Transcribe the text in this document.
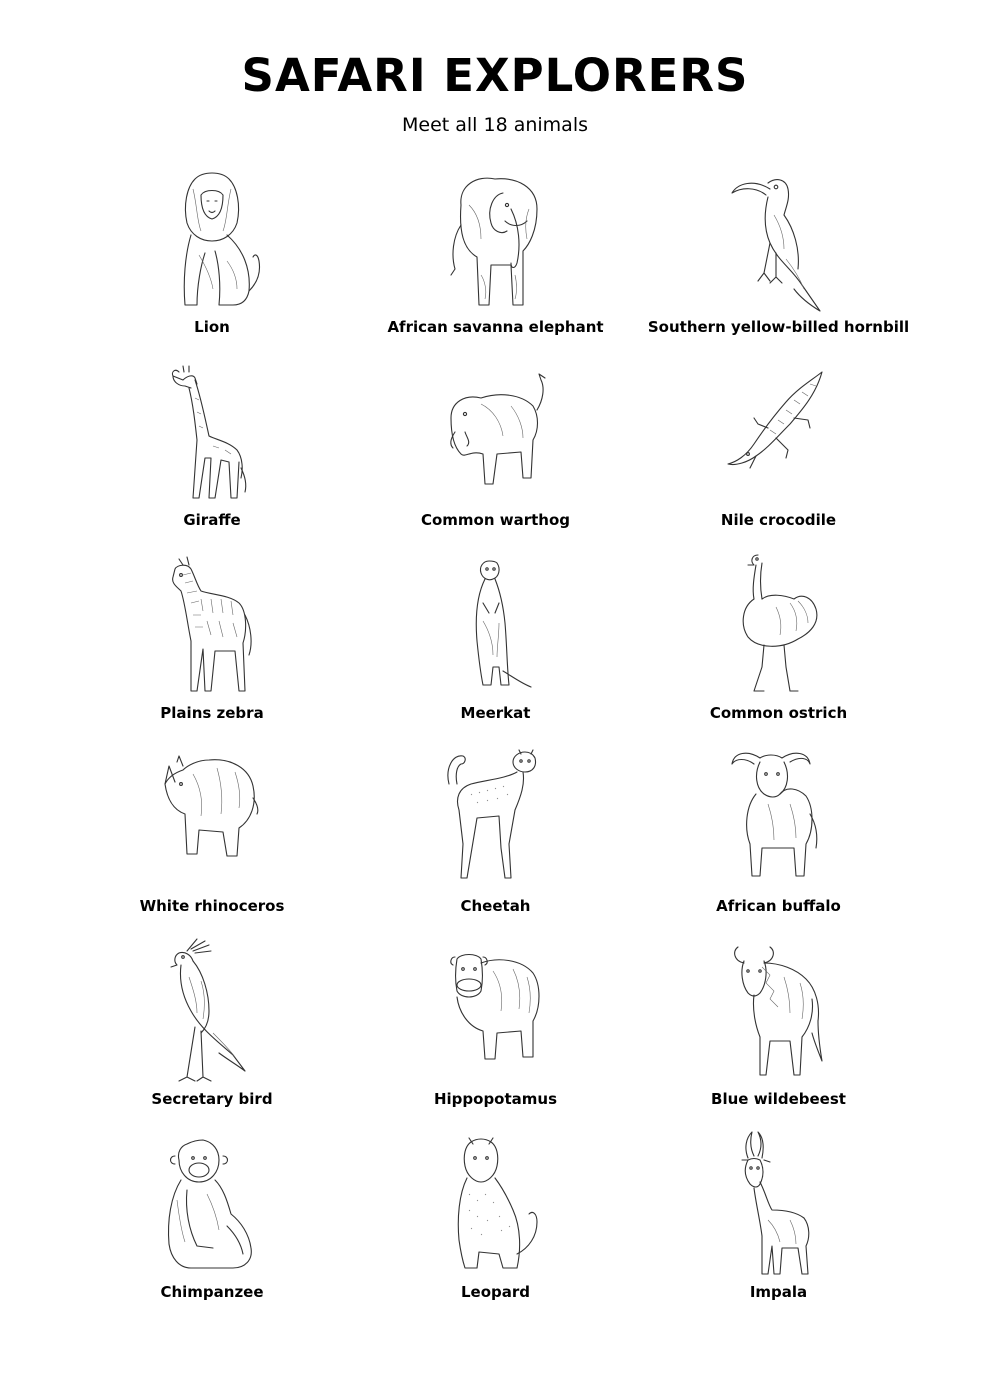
SAFARI EXPLORERS

Meet all 18 animals

Lion	African savanna elephant	Southern yellow-billed hornbill
Giraffe	Common warthog	Nile crocodile
Plains zebra	Meerkat	Common ostrich
White rhinoceros	Cheetah	African buffalo
Secretary bird	Hippopotamus	Blue wildebeest
Chimpanzee	Leopard	Impala
